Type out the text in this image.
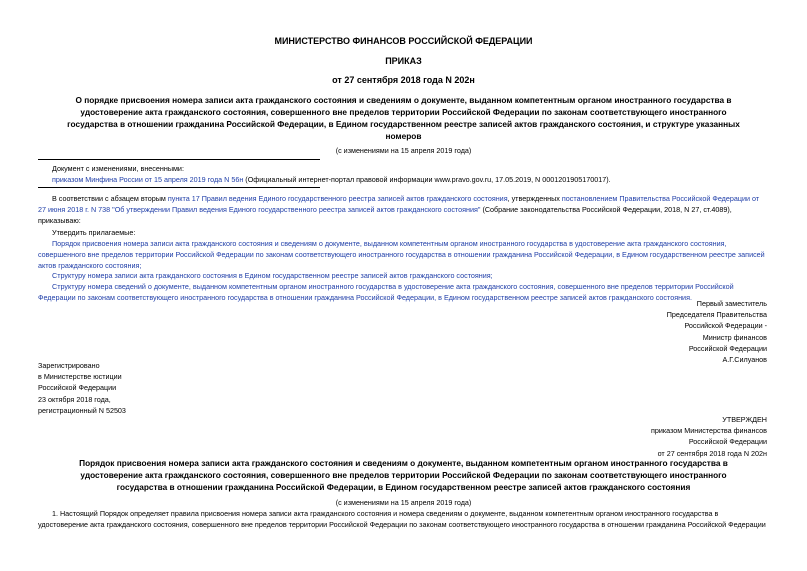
МИНИСТЕРСТВО ФИНАНСОВ РОССИЙСКОЙ ФЕДЕРАЦИИ
ПРИКАЗ
от 27 сентября 2018 года N 202н
О порядке присвоения номера записи акта гражданского состояния и сведениям о документе, выданном компетентным органом иностранного государства в
удостоверение акта гражданского состояния, совершенного вне пределов территории Российской Федерации по законам соответствующего иностранного
государства в отношении гражданина Российской Федерации, в Едином государственном реестре записей актов гражданского состояния, и структуре указанных
номеров
(с изменениями на 15 апреля 2019 года)
Документ с изменениями, внесенными:
приказом Минфина России от 15 апреля 2019 года N 56н (Официальный интернет-портал правовой информации www.pravo.gov.ru, 17.05.2019, N 0001201905170017).
В соответствии с абзацем вторым пункта 17 Правил ведения Единого государственного реестра записей актов гражданского состояния, утвержденных постановлением Правительства Российской Федерации от
27 июня 2018 г. N 738 "Об утверждении Правил ведения Единого государственного реестра записей актов гражданского состояния" (Собрание законодательства Российской Федерации, 2018, N 27, ст.4089),
приказываю:
Утвердить прилагаемые:
Порядок присвоения номера записи акта гражданского состояния и сведениям о документе, выданном компетентным органом иностранного государства в удостоверение акта гражданского состояния,
совершенного вне пределов территории Российской Федерации по законам соответствующего иностранного государства в отношении гражданина Российской Федерации, в Едином государственном реестре записей
актов гражданского состояния;
Структуру номера записи акта гражданского состояния в Едином государственном реестре записей актов гражданского состояния;
Структуру номера сведений о документе, выданном компетентным органом иностранного государства в удостоверение акта гражданского состояния, совершенного вне пределов территории Российской
Федерации по законам соответствующего иностранного государства в отношении гражданина Российской Федерации, в Едином государственном реестре записей актов гражданского состояния.
Первый заместитель
Председателя Правительства
Российской Федерации -
Министр финансов
Российской Федерации
А.Г.Силуанов
Зарегистрировано
в Министерстве юстиции
Российской Федерации
23 октября 2018 года,
регистрационный N 52503
УТВЕРЖДЕН
приказом Министерства финансов
Российской Федерации
от 27 сентября 2018 года N 202н
Порядок присвоения номера записи акта гражданского состояния и сведениям о документе, выданном компетентным органом иностранного государства в
удостоверение акта гражданского состояния, совершенного вне пределов территории Российской Федерации по законам соответствующего иностранного
государства в отношении гражданина Российской Федерации, в Едином государственном реестре записей актов гражданского состояния
(с изменениями на 15 апреля 2019 года)
1. Настоящий Порядок определяет правила присвоения номера записи акта гражданского состояния и номера сведениям о документе, выданном компетентным органом иностранного государства в
удостоверение акта гражданского состояния, совершенного вне пределов территории Российской Федерации по законам соответствующего иностранного государства в отношении гражданина Российской Федерации
